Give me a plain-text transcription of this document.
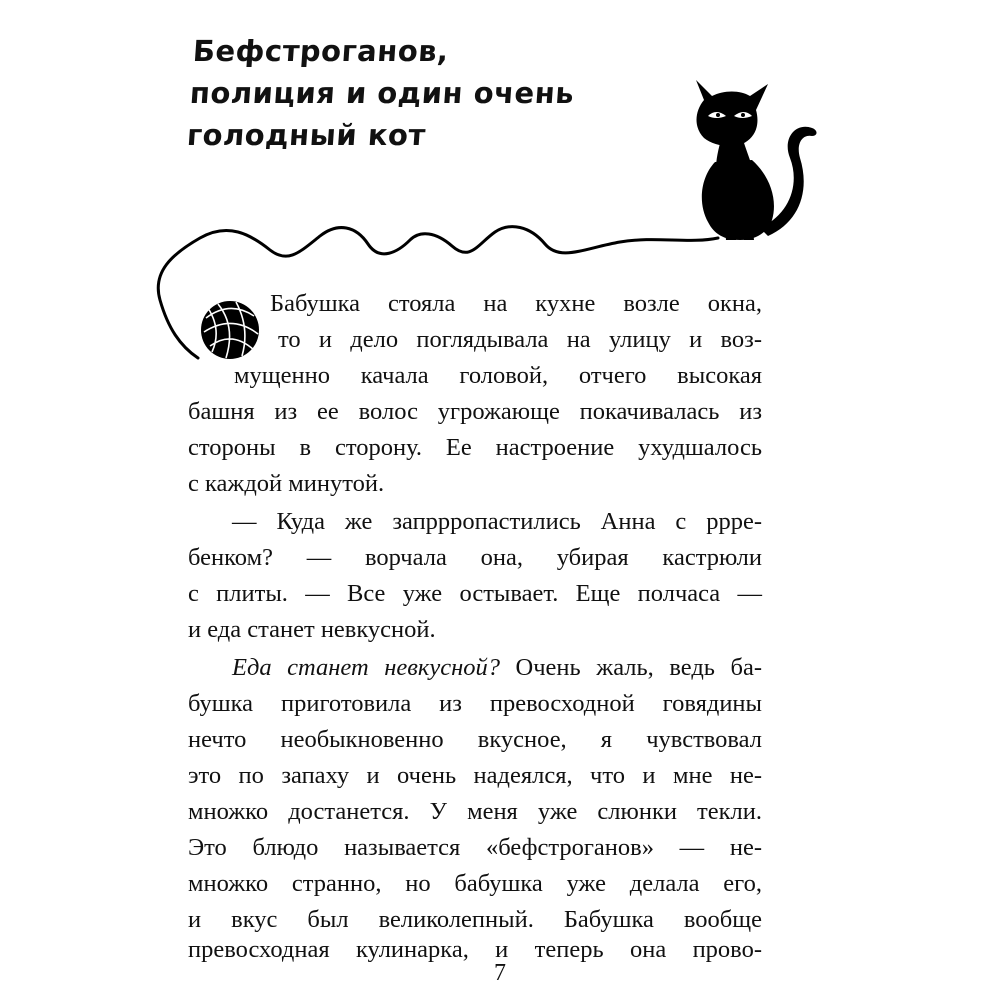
Бефстроганов,
полиция и один очень
голодный кот
Бабушка стояла на кухне возле окна,
то и дело поглядывала на улицу и воз-
мущенно качала головой, отчего высокая
башня из ее волос угрожающе покачивалась из
стороны в сторону. Ее настроение ухудшалось
с каждой минутой.
— Куда же запррропастились Анна с ррре-
бенком? — ворчала она, убирая кастрюли
с плиты. — Все уже остывает. Еще полчаса —
и еда станет невкусной.
Еда станет невкусной? Очень жаль, ведь ба-
бушка приготовила из превосходной говядины
нечто необыкновенно вкусное, я чувствовал
это по запаху и очень надеялся, что и мне не-
множко достанется. У меня уже слюнки текли.
Это блюдо называется «бефстроганов» — не-
множко странно, но бабушка уже делала его,
и вкус был великолепный. Бабушка вообще
превосходная кулинарка, и теперь она прово-
7
